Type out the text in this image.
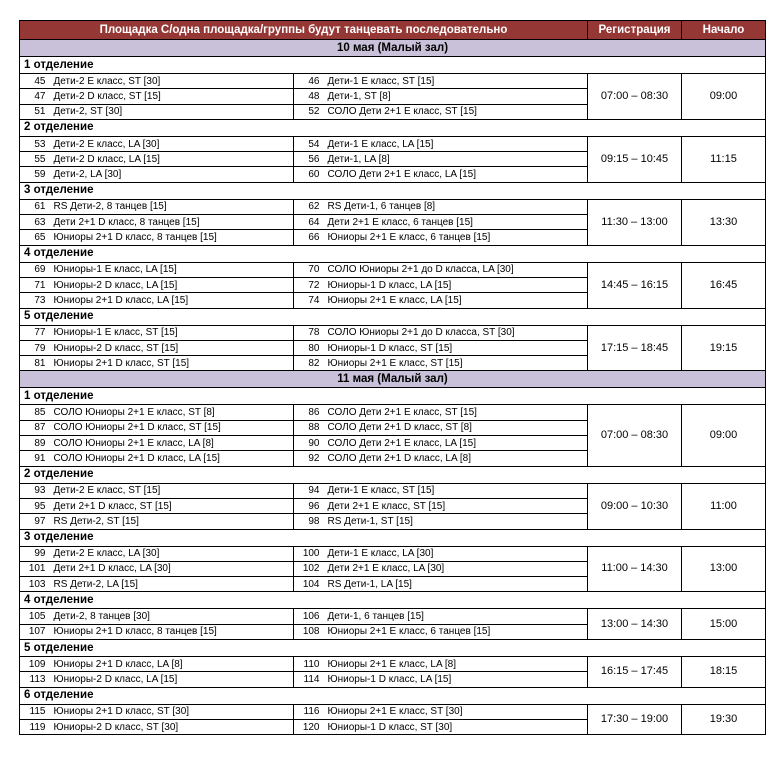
Площадка С/одна площадка/группы будут танцевать последовательно				Регистрация	Начало
10 мая (Малый зал)					
1 отделение					
45	Дети-2 Е класс, ST [30]	46	Дети-1 Е класс, ST [15]	07:00 – 08:30	09:00
47	Дети-2 D класс, ST [15]	48	Дети-1, ST [8]		
51	Дети-2, ST [30]	52	СОЛО Дети 2+1 Е класс, ST [15]		
2 отделение					
53	Дети-2 Е класс, LA [30]	54	Дети-1 Е класс, LA [15]	09:15 – 10:45	11:15
55	Дети-2 D класс, LA [15]	56	Дети-1, LA [8]		
59	Дети-2, LA [30]	60	СОЛО Дети 2+1 Е класс, LA [15]		
3 отделение					
61	RS Дети-2, 8 танцев [15]	62	RS Дети-1, 6 танцев [8]	11:30 – 13:00	13:30
63	Дети 2+1 D класс, 8 танцев [15]	64	Дети 2+1 Е класс, 6 танцев [15]		
65	Юниоры 2+1 D класс, 8 танцев [15]	66	Юниоры 2+1 Е класс, 6 танцев [15]		
4 отделение					
69	Юниоры-1 Е класс, LA [15]	70	СОЛО Юниоры 2+1 до D класса, LA [30]	14:45 – 16:15	16:45
71	Юниоры-2 D класс, LA [15]	72	Юниоры-1 D класс, LA [15]		
73	Юниоры 2+1 D класс, LA [15]	74	Юниоры 2+1 Е класс, LA [15]		
5 отделение					
77	Юниоры-1 Е класс, ST [15]	78	СОЛО Юниоры 2+1 до D класса, ST [30]	17:15 – 18:45	19:15
79	Юниоры-2 D класс, ST [15]	80	Юниоры-1 D класс, ST [15]		
81	Юниоры 2+1 D класс, ST [15]	82	Юниоры 2+1 Е класс, ST [15]		
11 мая (Малый зал)					
1 отделение					
85	СОЛО Юниоры 2+1 Е класс, ST [8]	86	СОЛО Дети 2+1 Е класс, ST [15]	07:00 – 08:30	09:00
87	СОЛО Юниоры 2+1 D класс, ST [15]	88	СОЛО Дети 2+1 D класс, ST [8]		
89	СОЛО Юниоры 2+1 Е класс, LA [8]	90	СОЛО Дети 2+1 Е класс, LA [15]		
91	СОЛО Юниоры 2+1 D класс, LA [15]	92	СОЛО Дети 2+1 D класс, LA [8]		
2 отделение					
93	Дети-2 Е класс, ST [15]	94	Дети-1 Е класс, ST [15]	09:00 – 10:30	11:00
95	Дети 2+1 D класс, ST [15]	96	Дети 2+1 Е класс, ST [15]		
97	RS Дети-2, ST [15]	98	RS Дети-1, ST [15]		
3 отделение					
99	Дети-2 Е класс, LA [30]	100	Дети-1 Е класс, LA [30]	11:00 – 14:30	13:00
101	Дети 2+1 D класс, LA [30]	102	Дети 2+1 Е класс, LA [30]		
103	RS Дети-2, LA [15]	104	RS Дети-1, LA [15]		
4 отделение					
105	Дети-2, 8 танцев [30]	106	Дети-1, 6 танцев [15]	13:00 – 14:30	15:00
107	Юниоры 2+1 D класс, 8 танцев [15]	108	Юниоры 2+1 Е класс, 6 танцев [15]		
5 отделение					
109	Юниоры 2+1 D класс, LA [8]	110	Юниоры 2+1 Е класс, LA [8]	16:15 – 17:45	18:15
113	Юниоры-2 D класс, LA [15]	114	Юниоры-1 D класс, LA [15]		
6 отделение					
115	Юниоры 2+1 D класс, ST [30]	116	Юниоры 2+1 Е класс, ST [30]	17:30 – 19:00	19:30
119	Юниоры-2 D класс, ST [30]	120	Юниоры-1 D класс, ST [30]		
